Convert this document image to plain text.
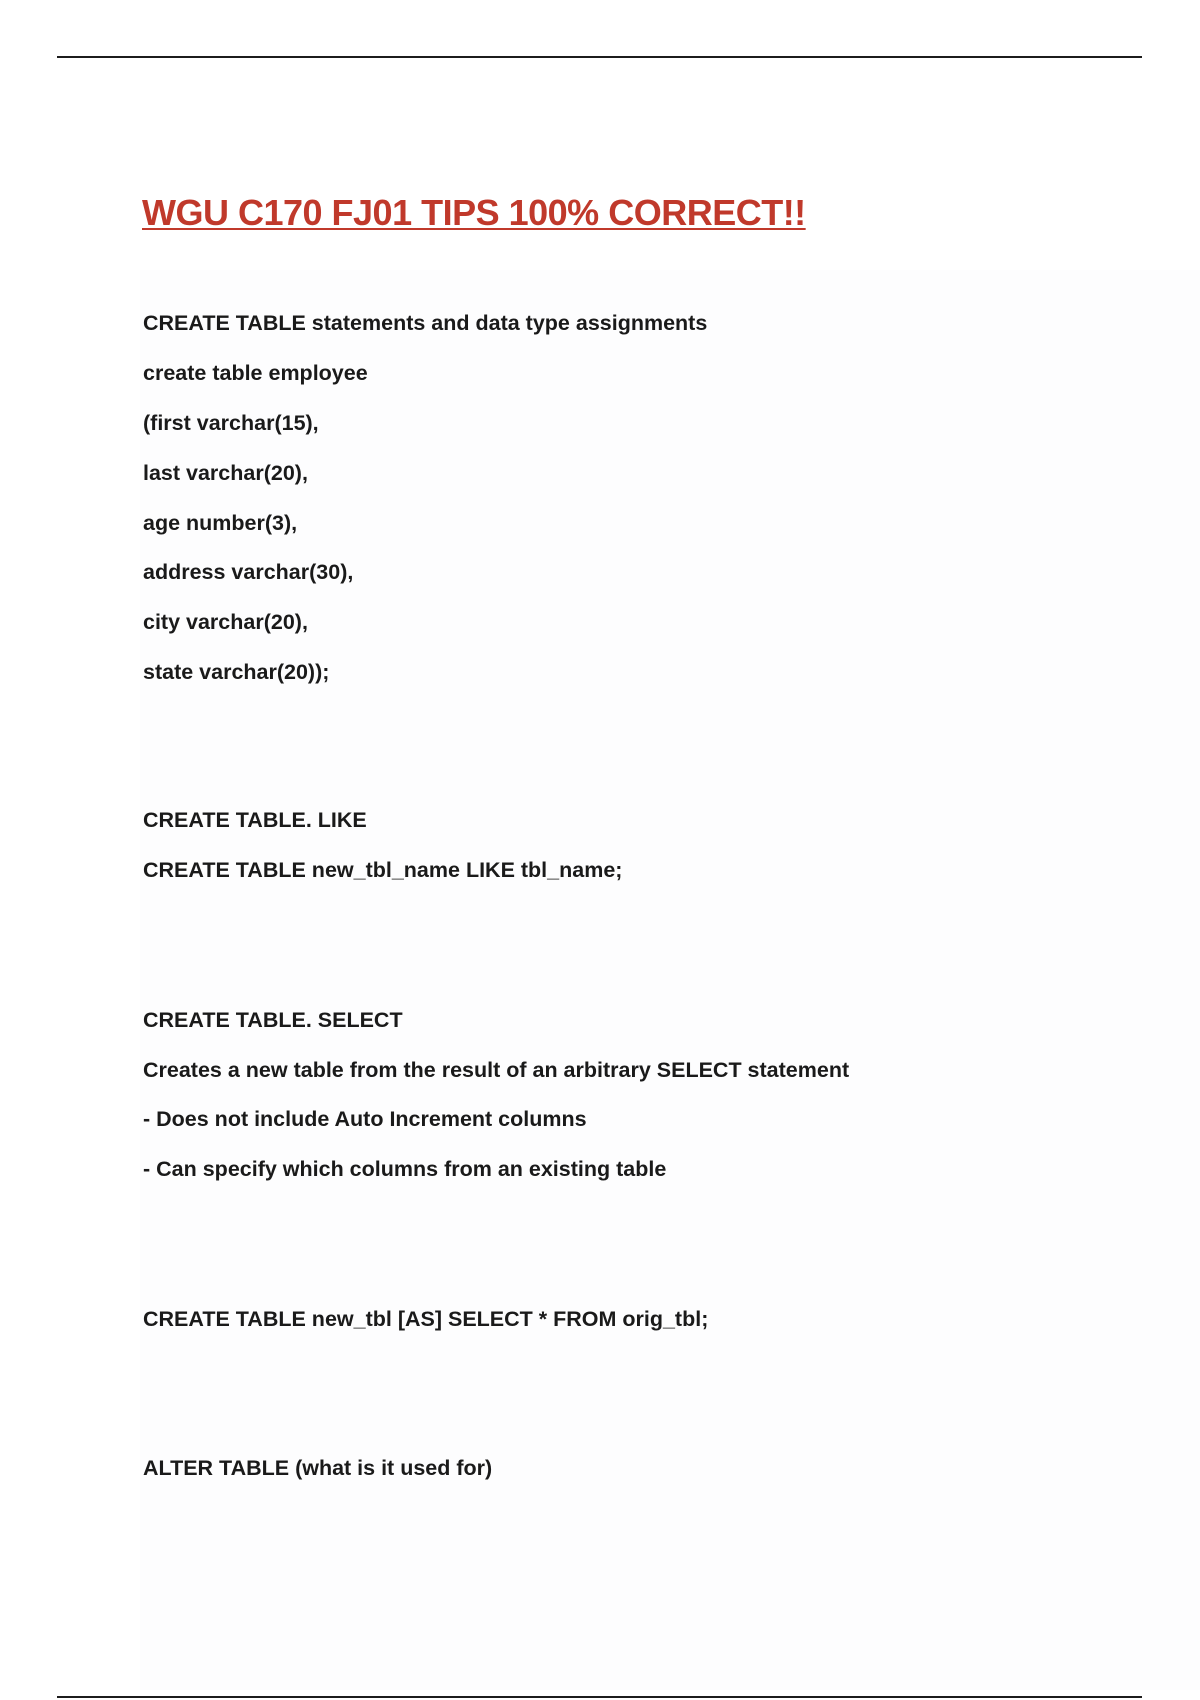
WGU C170 FJ01 TIPS 100% CORRECT!!
CREATE TABLE statements and data type assignments
create table employee
(first varchar(15),
last varchar(20),
age number(3),
address varchar(30),
city varchar(20),
state varchar(20));
CREATE TABLE. LIKE
CREATE TABLE new_tbl_name LIKE tbl_name;
CREATE TABLE. SELECT
Creates a new table from the result of an arbitrary SELECT statement
- Does not include Auto Increment columns
- Can specify which columns from an existing table
CREATE TABLE new_tbl [AS] SELECT * FROM orig_tbl;
ALTER TABLE (what is it used for)
